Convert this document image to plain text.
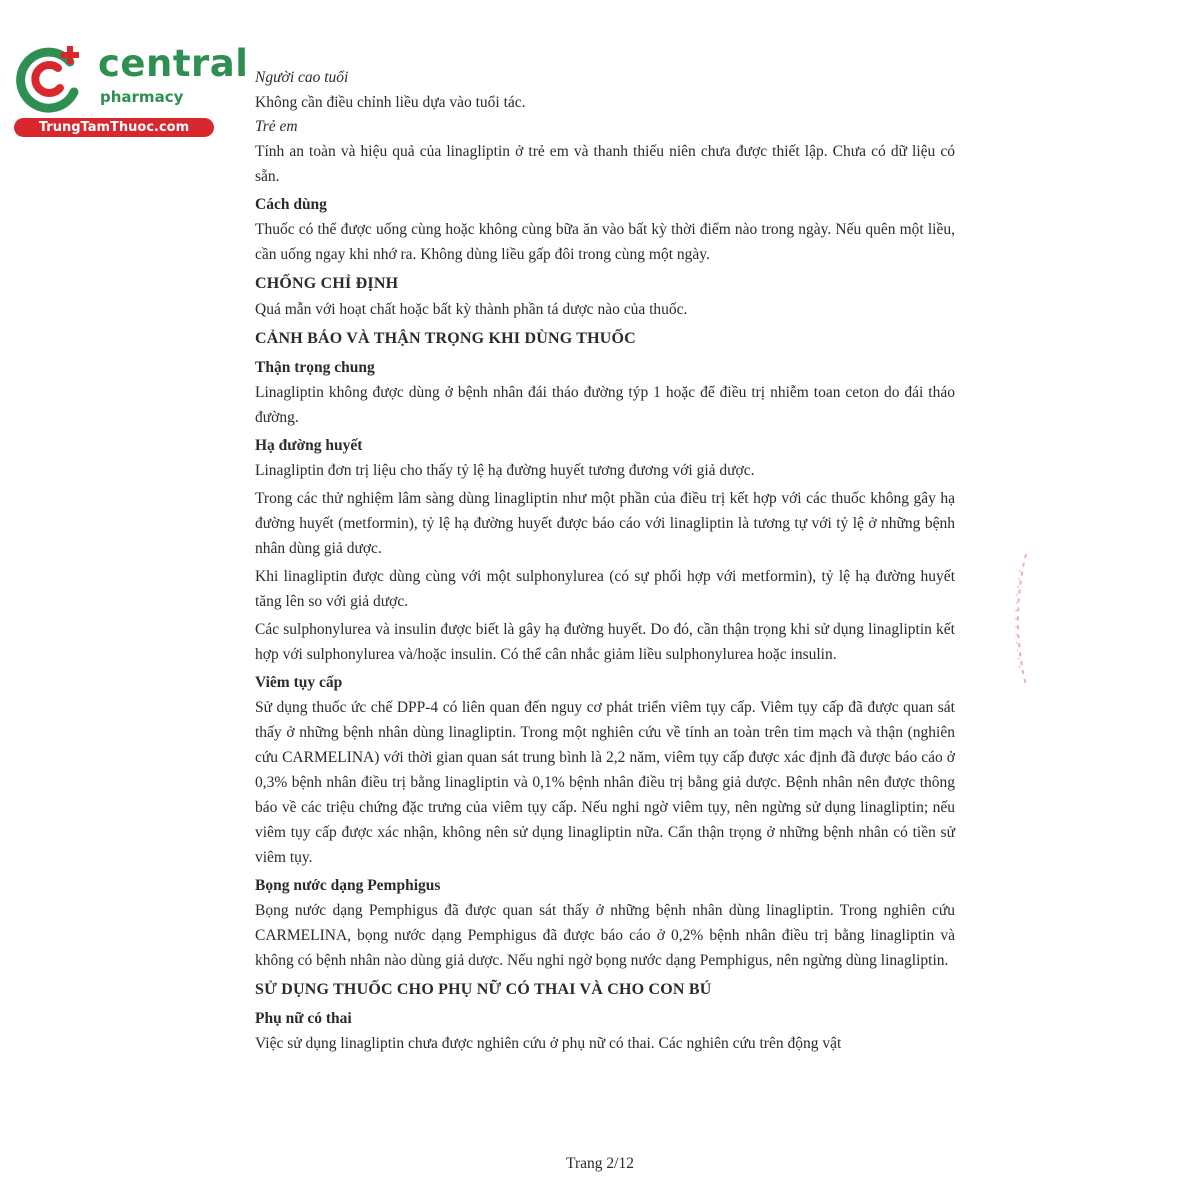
central
pharmacy
TrungTamThuoc.com
Người cao tuổi

Không cần điều chỉnh liều dựa vào tuổi tác.

Trẻ em

Tính an toàn và hiệu quả của linagliptin ở trẻ em và thanh thiếu niên chưa được thiết lập. Chưa có dữ liệu có sẵn.

Cách dùng

Thuốc có thể được uống cùng hoặc không cùng bữa ăn vào bất kỳ thời điểm nào trong ngày. Nếu quên một liều, cần uống ngay khi nhớ ra. Không dùng liều gấp đôi trong cùng một ngày.

CHỐNG CHỈ ĐỊNH

Quá mẫn với hoạt chất hoặc bất kỳ thành phần tá dược nào của thuốc.

CẢNH BÁO VÀ THẬN TRỌNG KHI DÙNG THUỐC
Thận trọng chung

Linagliptin không được dùng ở bệnh nhân đái tháo đường týp 1 hoặc để điều trị nhiễm toan ceton do đái tháo đường.

Hạ đường huyết

Linagliptin đơn trị liệu cho thấy tỷ lệ hạ đường huyết tương đương với giả dược.

Trong các thử nghiệm lâm sàng dùng linagliptin như một phần của điều trị kết hợp với các thuốc không gây hạ đường huyết (metformin), tỷ lệ hạ đường huyết được báo cáo với linagliptin là tương tự với tỷ lệ ở những bệnh nhân dùng giả dược.

Khi linagliptin được dùng cùng với một sulphonylurea (có sự phối hợp với metformin), tỷ lệ hạ đường huyết tăng lên so với giả dược.

Các sulphonylurea và insulin được biết là gây hạ đường huyết. Do đó, cần thận trọng khi sử dụng linagliptin kết hợp với sulphonylurea và/hoặc insulin. Có thể cân nhắc giảm liều sulphonylurea hoặc insulin.

Viêm tụy cấp

Sử dụng thuốc ức chế DPP-4 có liên quan đến nguy cơ phát triển viêm tụy cấp. Viêm tụy cấp đã được quan sát thấy ở những bệnh nhân dùng linagliptin. Trong một nghiên cứu về tính an toàn trên tim mạch và thận (nghiên cứu CARMELINA) với thời gian quan sát trung bình là 2,2 năm, viêm tụy cấp được xác định đã được báo cáo ở 0,3% bệnh nhân điều trị bằng linagliptin và 0,1% bệnh nhân điều trị bằng giả dược. Bệnh nhân nên được thông báo về các triệu chứng đặc trưng của viêm tụy cấp. Nếu nghi ngờ viêm tụy, nên ngừng sử dụng linagliptin; nếu viêm tụy cấp được xác nhận, không nên sử dụng linagliptin nữa. Cẩn thận trọng ở những bệnh nhân có tiền sử viêm tụy.

Bọng nước dạng Pemphigus

Bọng nước dạng Pemphigus đã được quan sát thấy ở những bệnh nhân dùng linagliptin. Trong nghiên cứu CARMELINA, bọng nước dạng Pemphigus đã được báo cáo ở 0,2% bệnh nhân điều trị bằng linagliptin và không có bệnh nhân nào dùng giả dược. Nếu nghi ngờ bọng nước dạng Pemphigus, nên ngừng dùng linagliptin.

SỬ DỤNG THUỐC CHO PHỤ NỮ CÓ THAI VÀ CHO CON BÚ
Phụ nữ có thai

Việc sử dụng linagliptin chưa được nghiên cứu ở phụ nữ có thai. Các nghiên cứu trên động vật

Trang 2/12
